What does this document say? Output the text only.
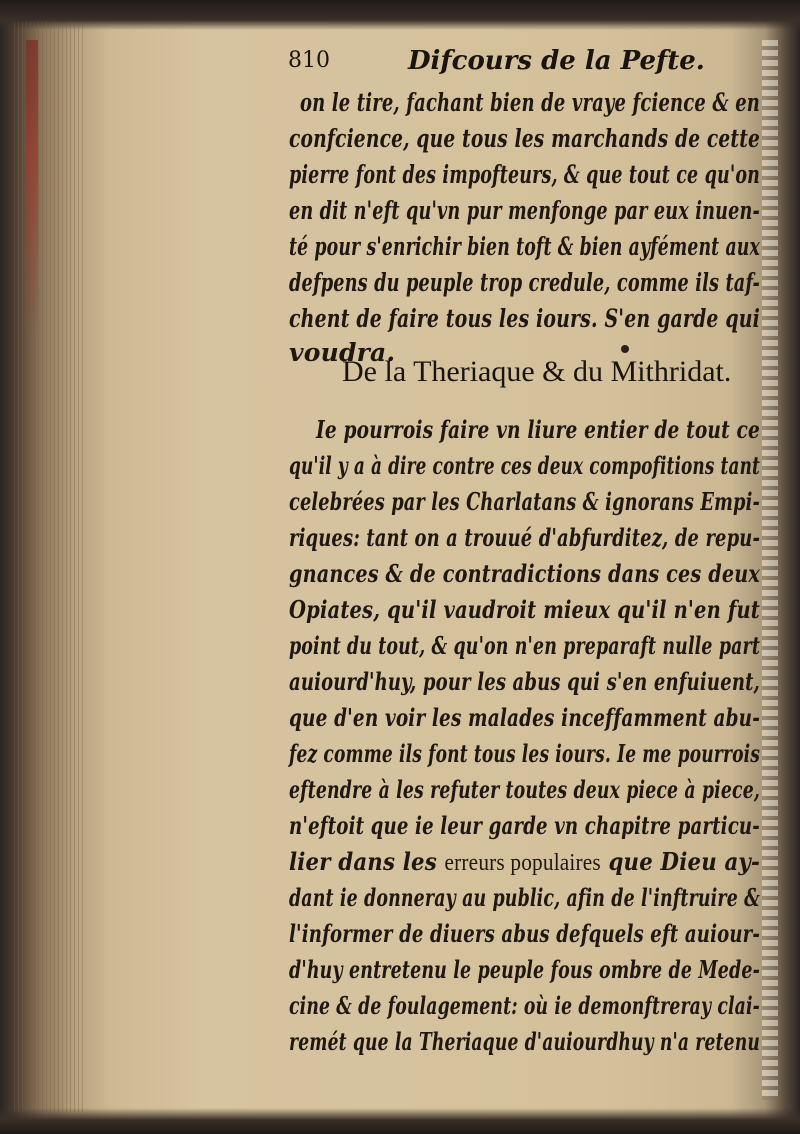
810	Difcours de la Pefte.
on le tire, fachant bien de vraye fcience & en
confcience, que tous les marchands de cette
pierre font des impofteurs, & que tout ce qu'on
en dit n'eft qu'vn pur menfonge par eux inuen-
té pour s'enrichir bien toft & bien ayfément aux
defpens du peuple trop credule, comme ils taf-
chent de faire tous les iours. S'en garde qui
voudra.
De la Theriaque & du Mithridat.
Ie pourrois faire vn liure entier de tout ce
qu'il y a à dire contre ces deux compofitions tant
celebrées par les Charlatans & ignorans Empi-
riques: tant on a trouué d'abfurditez, de repu-
gnances & de contradictions dans ces deux
Opiates, qu'il vaudroit mieux qu'il n'en fut
point du tout, & qu'on n'en preparaft nulle part
auiourd'huy, pour les abus qui s'en enfuiuent,
que d'en voir les malades inceffamment abu-
fez comme ils font tous les iours. Ie me pourrois
eftendre à les refuter toutes deux piece à piece,
n'eftoit que ie leur garde vn chapitre particu-
lier dans les erreurs populaires que Dieu ay-
dant ie donneray au public, afin de l'inftruire &
l'informer de diuers abus defquels eft auiour-
d'huy entretenu le peuple fous ombre de Mede-
cine & de foulagement: où ie demonftreray clai-
remét que la Theriaque d'auiourdhuy n'a retenu
